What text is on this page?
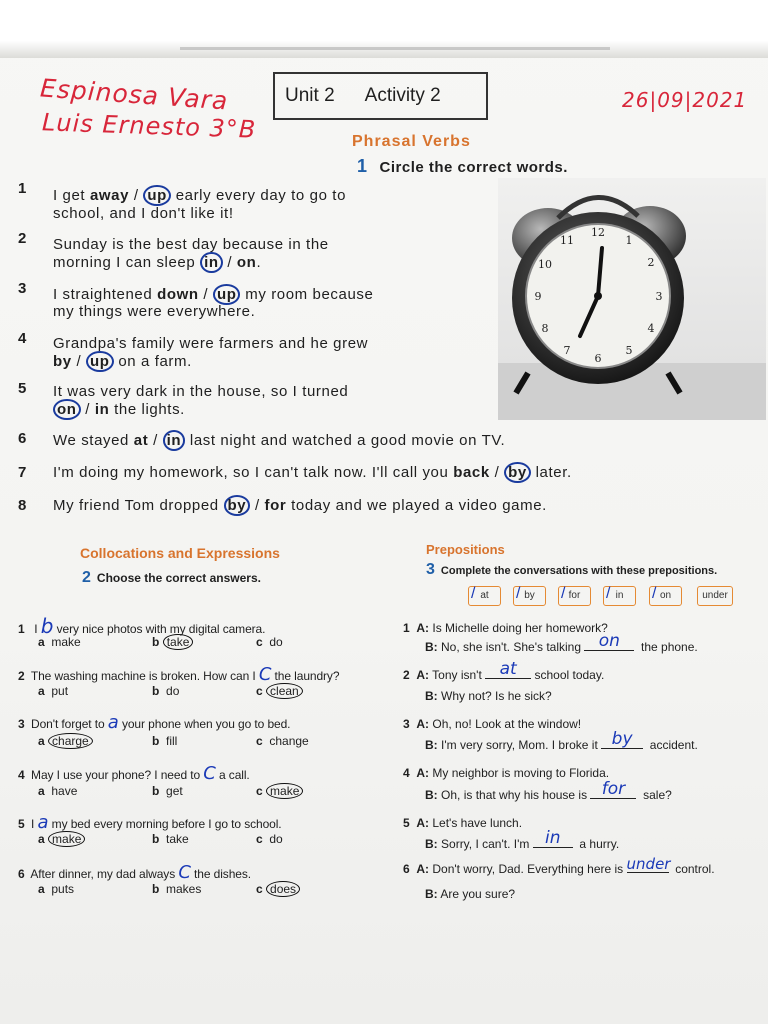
Espinosa Vara
Luis Ernesto 3°B
26|09|2021
Unit 2 Activity 2
Phrasal Verbs
1 Circle the correct words.
1 I get away / up early every day to go to
school, and I don't like it!
2 Sunday is the best day because in the
morning I can sleep in / on.
3 I straightened down / up my room because
my things were everywhere.
4 Grandpa's family were farmers and he grew
by / up on a farm.
5 It was very dark in the house, so I turned
on / in the lights.
6 We stayed at / in last night and watched a good movie on TV.
7 I'm doing my homework, so I can't talk now. I'll call you back / by later.
8 My friend Tom dropped by / for today and we played a video game.
12
1
2
3
4
5
6
7
8
9
10
11
Collocations and Expressions
2 Choose the correct answers.
1 I b very nice photos with my digital camera.
a make	b take	c do
2 The washing machine is broken. How can I C the laundry?
a put	b do	c clean
3 Don't forget to a your phone when you go to bed.
a charge	b fill	c change
4 May I use your phone? I need to C a call.
a have	b get	c make
5 I a my bed every morning before I go to school.
a make	b take	c do
6 After dinner, my dad always C the dishes.
a puts	b makes	c does
Prepositions
3 Complete the conversations with these prepositions.
at
/	by
/	for
/	in
/	on
/	under
1 A: Is Michelle doing her homework?
B: No, she isn't. She's talking on	the phone.
2 A: Tony isn't at	school today.
B: Why not? Is he sick?
3 A: Oh, no! Look at the window!
B: I'm very sorry, Mom. I broke it by	accident.
4 A: My neighbor is moving to Florida.
B: Oh, is that why his house is for	sale?
5 A: Let's have lunch.
B: Sorry, I can't. I'm in	a hurry.
6 A: Don't worry, Dad. Everything here is under control.
B: Are you sure?
